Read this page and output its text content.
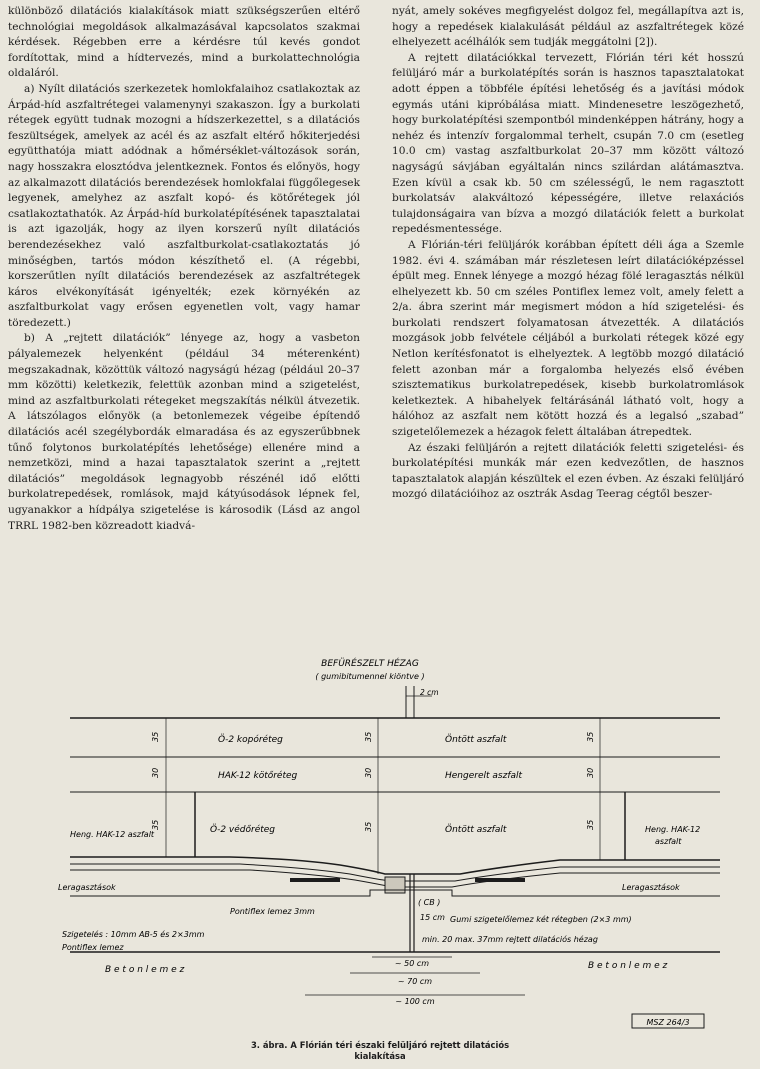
különböző dilatációs kialakítások miatt szükségszerűen eltérő technológiai megoldások alkalmazásával kapcsolatos szakmai kérdések. Régebben erre a kérdésre túl kevés gondot fordítottak, mind a hídtervezés, mind a burkolattechnológia oldaláról.

a) Nyílt dilatációs szerkezetek homlokfalaihoz csatlakoztak az Árpád-híd aszfaltrétegei valamenynyi szakaszon. Így a burkolati rétegek együtt tudnak mozogni a hídszerkezettel, s a dilatációs feszültségek, amelyek az acél és az aszfalt eltérő hőkiterjedési együtthatója miatt adódnak a hőmérséklet-változások során, nagy hosszakra elosztódva jelentkeznek. Fontos és előnyös, hogy az alkalmazott dilatációs berendezések homlokfalai függőlegesek legyenek, amelyhez az aszfalt kopó- és kötőrétegek jól csatlakoztathatók. Az Árpád-híd burkolatépítésének tapasztalatai is azt igazolják, hogy az ilyen korszerű nyílt dilatációs berendezésekhez való aszfaltburkolat-csatlakoztatás jó minőségben, tartós módon készíthető el. (A régebbi, korszerűtlen nyílt dilatációs berendezések az aszfaltrétegek káros elvékonyítását igényelték; ezek környékén az aszfaltburkolat vagy erősen egyenetlen volt, vagy hamar töredezett.)

b) A „rejtett dilatációk” lényege az, hogy a vasbeton pályalemezek helyenként (például 34 méterenként) megszakadnak, közöttük változó nagyságú hézag (például 20–37 mm közötti) keletkezik, felettük azonban mind a szigetelést, mind az aszfaltburkolati rétegeket megszakítás nélkül átvezetik. A látszólagos előnyök (a betonlemezek végeibe építendő dilatációs acél szegélybordák elmaradása és az egyszerűbbnek tűnő folytonos burkolatépítés lehetősége) ellenére mind a nemzetközi, mind a hazai tapasztalatok szerint a „rejtett dilatációs” megoldások legnagyobb részénél idő előtti burkolatrepedések, romlások, majd kátyúsodások lépnek fel, ugyanakkor a hídpálya szigetelése is károsodik (Lásd az angol TRRL 1982-ben közreadott kiadvá-

nyát, amely sokéves megfigyelést dolgoz fel, megállapítva azt is, hogy a repedések kialakulását például az aszfaltrétegek közé elhelyezett acélhálók sem tudják meggátolni [2]).

A rejtett dilatációkkal tervezett, Flórián téri két hosszú felüljáró már a burkolatépítés során is hasznos tapasztalatokat adott éppen a többféle építési lehetőség és a javítási módok egymás utáni kipróbálása miatt. Mindenesetre leszögezhető, hogy burkolatépítési szempontból mindenképpen hátrány, hogy a nehéz és intenzív forgalommal terhelt, csupán 7.0 cm (esetleg 10.0 cm) vastag aszfaltburkolat 20–37 mm között változó nagyságú sávjában egyáltalán nincs szilárdan alátámasztva. Ezen kívül a csak kb. 50 cm szélességű, le nem ragasztott burkolatsáv alakváltozó képességére, illetve relaxációs tulajdonságaira van bízva a mozgó dilatációk felett a burkolat repedésmentessége.

A Flórián-téri felüljárók korábban épített déli ága a Szemle 1982. évi 4. számában már részletesen leírt dilatációképzéssel épült meg. Ennek lényege a mozgó hézag fölé leragasztás nélkül elhelyezett kb. 50 cm széles Pontiflex lemez volt, amely felett a 2/a. ábra szerint már megismert módon a híd szigetelési- és burkolati rendszert folyamatosan átvezették. A dilatációs mozgások jobb felvétele céljából a burkolati rétegek közé egy Netlon kerítésfonatot is elhelyeztek. A legtöbb mozgó dilatáció felett azonban már a forgalomba helyezés első évében szisztematikus burkolatrepedések, kisebb burkolatromlások keletkeztek. A hibahelyek feltárásánál látható volt, hogy a hálóhoz az aszfalt nem kötött hozzá és a legalsó „szabad” szigetelőlemezek a hézagok felett általában átrepedtek.

Az északi felüljárón a rejtett dilatációk feletti szigetelési- és burkolatépítési munkák már ezen kedvezőtlen, de hasznos tapasztalatok alapján készültek el ezen évben. Az északi felüljáró mozgó dilatációihoz az osztrák Asdag Teerag cégtől beszer-

BEFÜRÉSZELT HÉZAG
( gumibitumennel kiöntve )
2 cm
35
30
35
35
30
35
35
30
35
Ö-2 kopóréteg
HAK-12 kötőréteg
Ö-2 védőréteg
Öntött aszfalt
Hengerelt aszfalt
Öntött aszfalt
Heng. HAK-12 aszfalt
Heng. HAK-12
aszfalt
Leragasztások	Leragasztások
( CB )
Pontiflex lemez 3mm
Szigetelés : 10mm AB-5 és 2×3mm
Pontiflex lemez
15 cm Gumi szigetelőlemez két rétegben (2×3 mm)
min. 20 max. 37mm rejtett dilatációs hézag
B e t o n l e m e z	B e t o n l e m e z
~ 50 cm
~ 70 cm
~ 100 cm
MSZ 264/3
3. ábra. A Flórián téri északi felüljáró rejtett dilatációs
kialakítása
